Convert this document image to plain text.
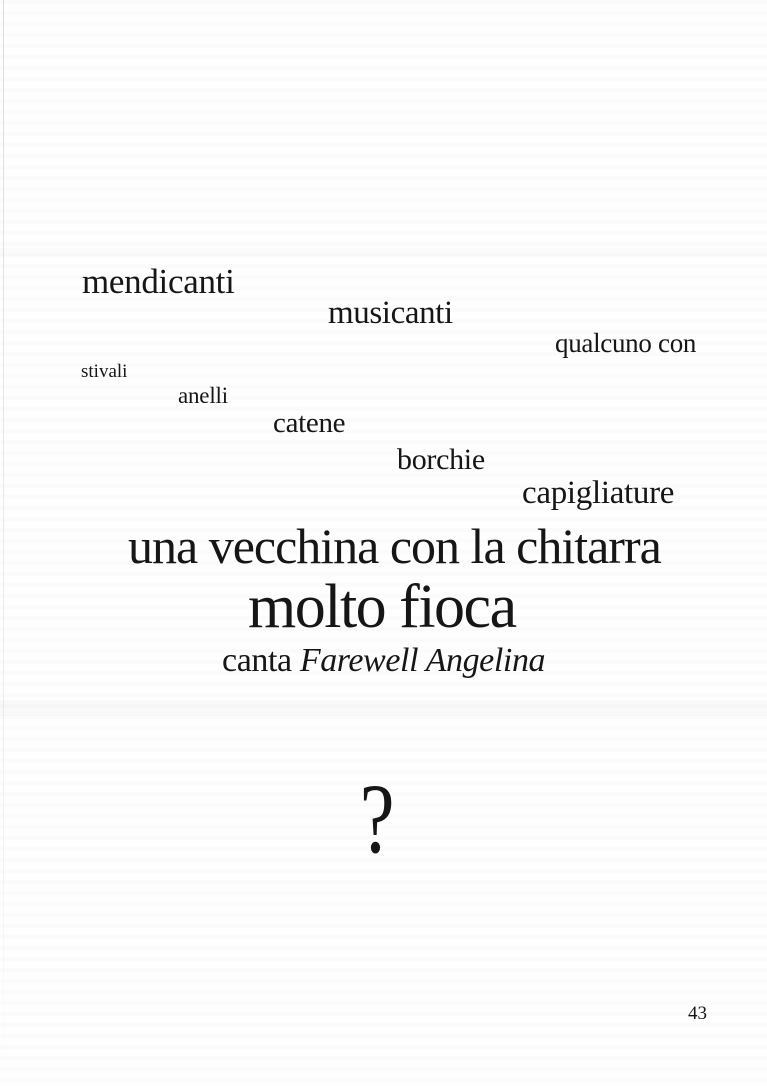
mendicanti
musicanti
qualcuno con
stivali
anelli
catene
borchie
capigliature
una vecchina con la chitarra
molto fioca
canta Farewell Angelina
?
43
